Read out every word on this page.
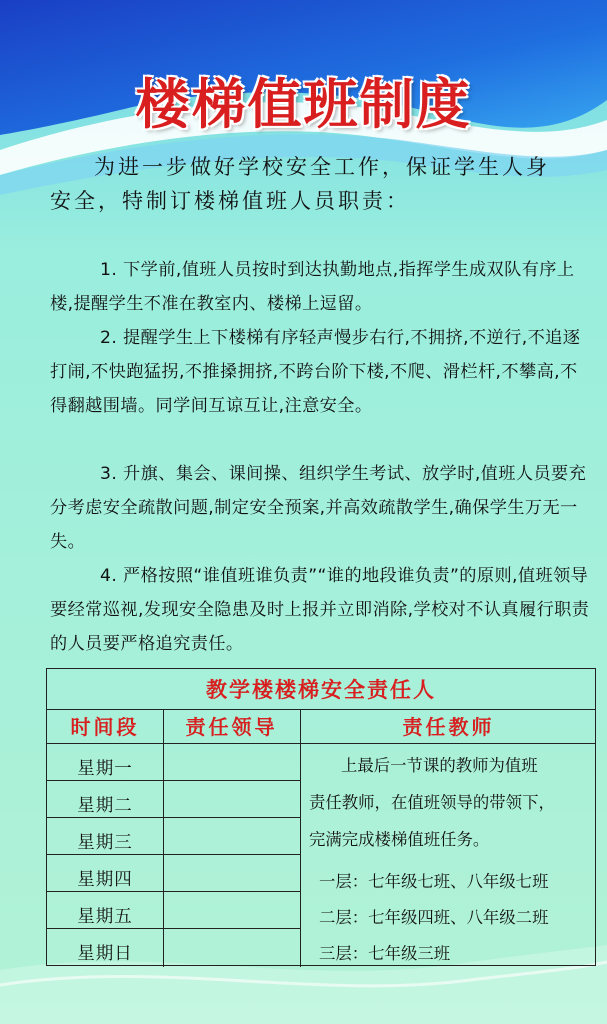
楼梯值班制度
为进一步做好学校安全工作，保证学生人身安全，特制订楼梯值班人员职责：
1. 下学前,值班人员按时到达执勤地点,指挥学生成双队有序上楼,提醒学生不准在教室内、楼梯上逗留。
2. 提醒学生上下楼梯有序轻声慢步右行,不拥挤,不逆行,不追逐打闹,不快跑猛拐,不推搡拥挤,不跨台阶下楼,不爬、滑栏杆,不攀高,不得翻越围墙。同学间互谅互让,注意安全。
3. 升旗、集会、课间操、组织学生考试、放学时,值班人员要充分考虑安全疏散问题,制定安全预案,并高效疏散学生,确保学生万无一失。
4. 严格按照“谁值班谁负责”“谁的地段谁负责”的原则,值班领导要经常巡视,发现安全隐患及时上报并立即消除,学校对不认真履行职责的人员要严格追究责任。
教学楼楼梯安全责任人
时间段	责任领导	责任教师
星期一
星期二
星期三
星期四
星期五
星期日
上最后一节课的教师为值班
责任教师，在值班领导的带领下，
完满完成楼梯值班任务。
一层：七年级七班、八年级七班
二层：七年级四班、八年级二班
三层：七年级三班
